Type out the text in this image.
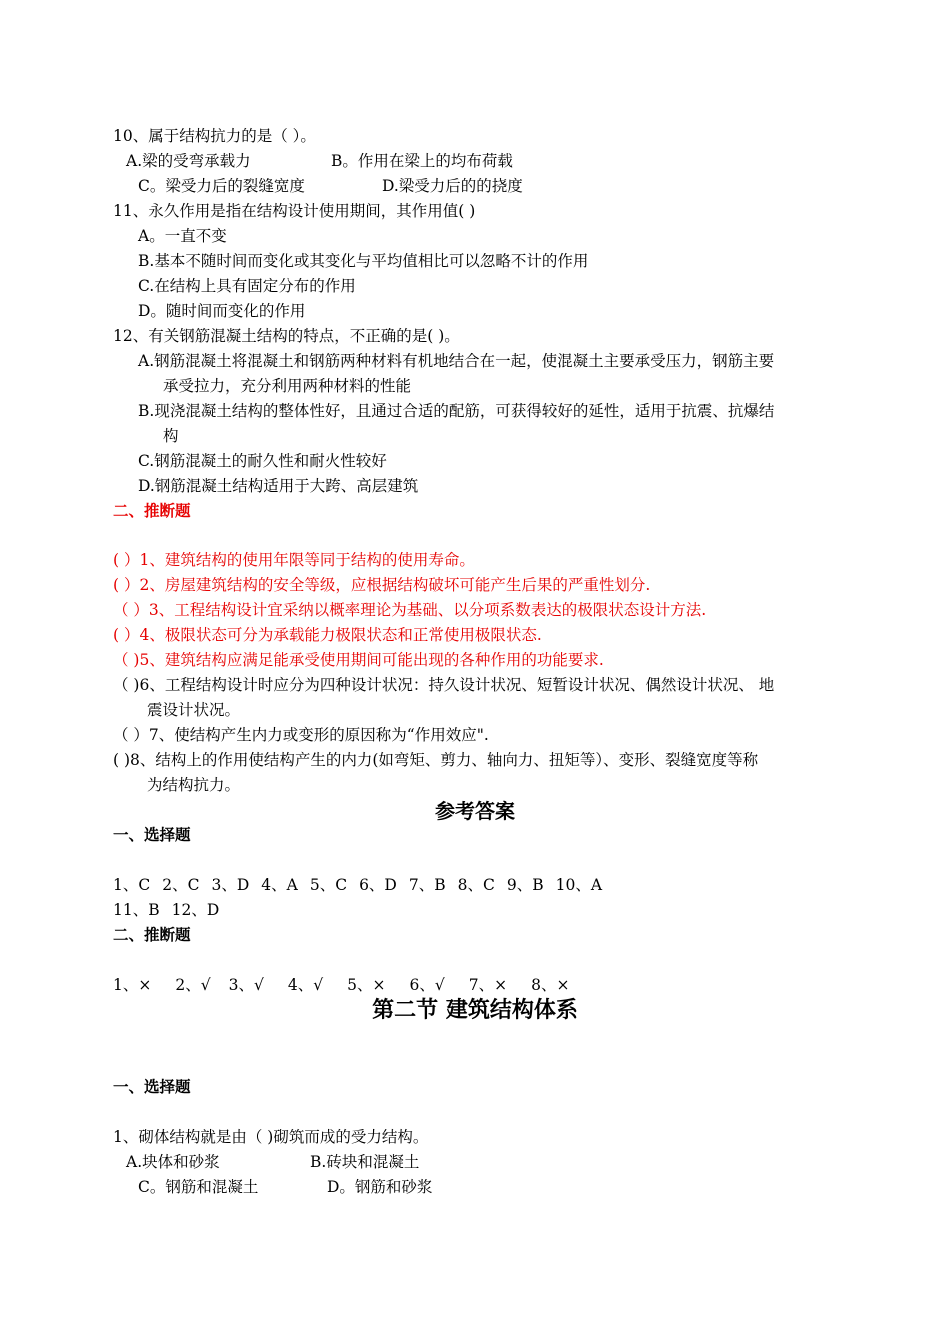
10、属于结构抗力的是（ ）。
A.梁的受弯承载力	B。作用在梁上的均布荷载
C。梁受力后的裂缝宽度	D.梁受力后的的挠度
11、永久作用是指在结构设计使用期间，其作用值( )
A。一直不变
B.基本不随时间而变化或其变化与平均值相比可以忽略不计的作用
C.在结构上具有固定分布的作用
D。随时间而变化的作用
12、有关钢筋混凝土结构的特点，不正确的是( )。
A.钢筋混凝土将混凝土和钢筋两种材料有机地结合在一起，使混凝土主要承受压力，钢筋主要
承受拉力，充分利用两种材料的性能
B.现浇混凝土结构的整体性好，且通过合适的配筋，可获得较好的延性，适用于抗震、抗爆结
构
C.钢筋混凝土的耐久性和耐火性较好
D.钢筋混凝土结构适用于大跨、高层建筑
二、推断题
( ）1、建筑结构的使用年限等同于结构的使用寿命。
( ）2、房屋建筑结构的安全等级，应根据结构破坏可能产生后果的严重性划分.
（ ）3、工程结构设计宜采纳以概率理论为基础、以分项系数表达的极限状态设计方法.
( ）4、极限状态可分为承载能力极限状态和正常使用极限状态.
（ )5、建筑结构应满足能承受使用期间可能出现的各种作用的功能要求.
（ )6、工程结构设计时应分为四种设计状况：持久设计状况、短暂设计状况、偶然设计状况、 地
震设计状况。
（ ）7、使结构产生内力或变形的原因称为“作用效应".
( )8、结构上的作用使结构产生的内力(如弯矩、剪力、轴向力、扭矩等）、变形、裂缝宽度等称
为结构抗力。
参考答案
一、选择题
1、C 2、C 3、D 4、A 5、C 6、D 7、B 8、C 9、B 10、A
11、B 12、D
二、推断题
1、× 2、√ 3、√ 4、√ 5、× 6、√ 7、× 8、×
第二节 建筑结构体系
一、选择题
1、砌体结构就是由（ )砌筑而成的受力结构。
A.块体和砂浆	B.砖块和混凝土
C。钢筋和混凝土	D。钢筋和砂浆
